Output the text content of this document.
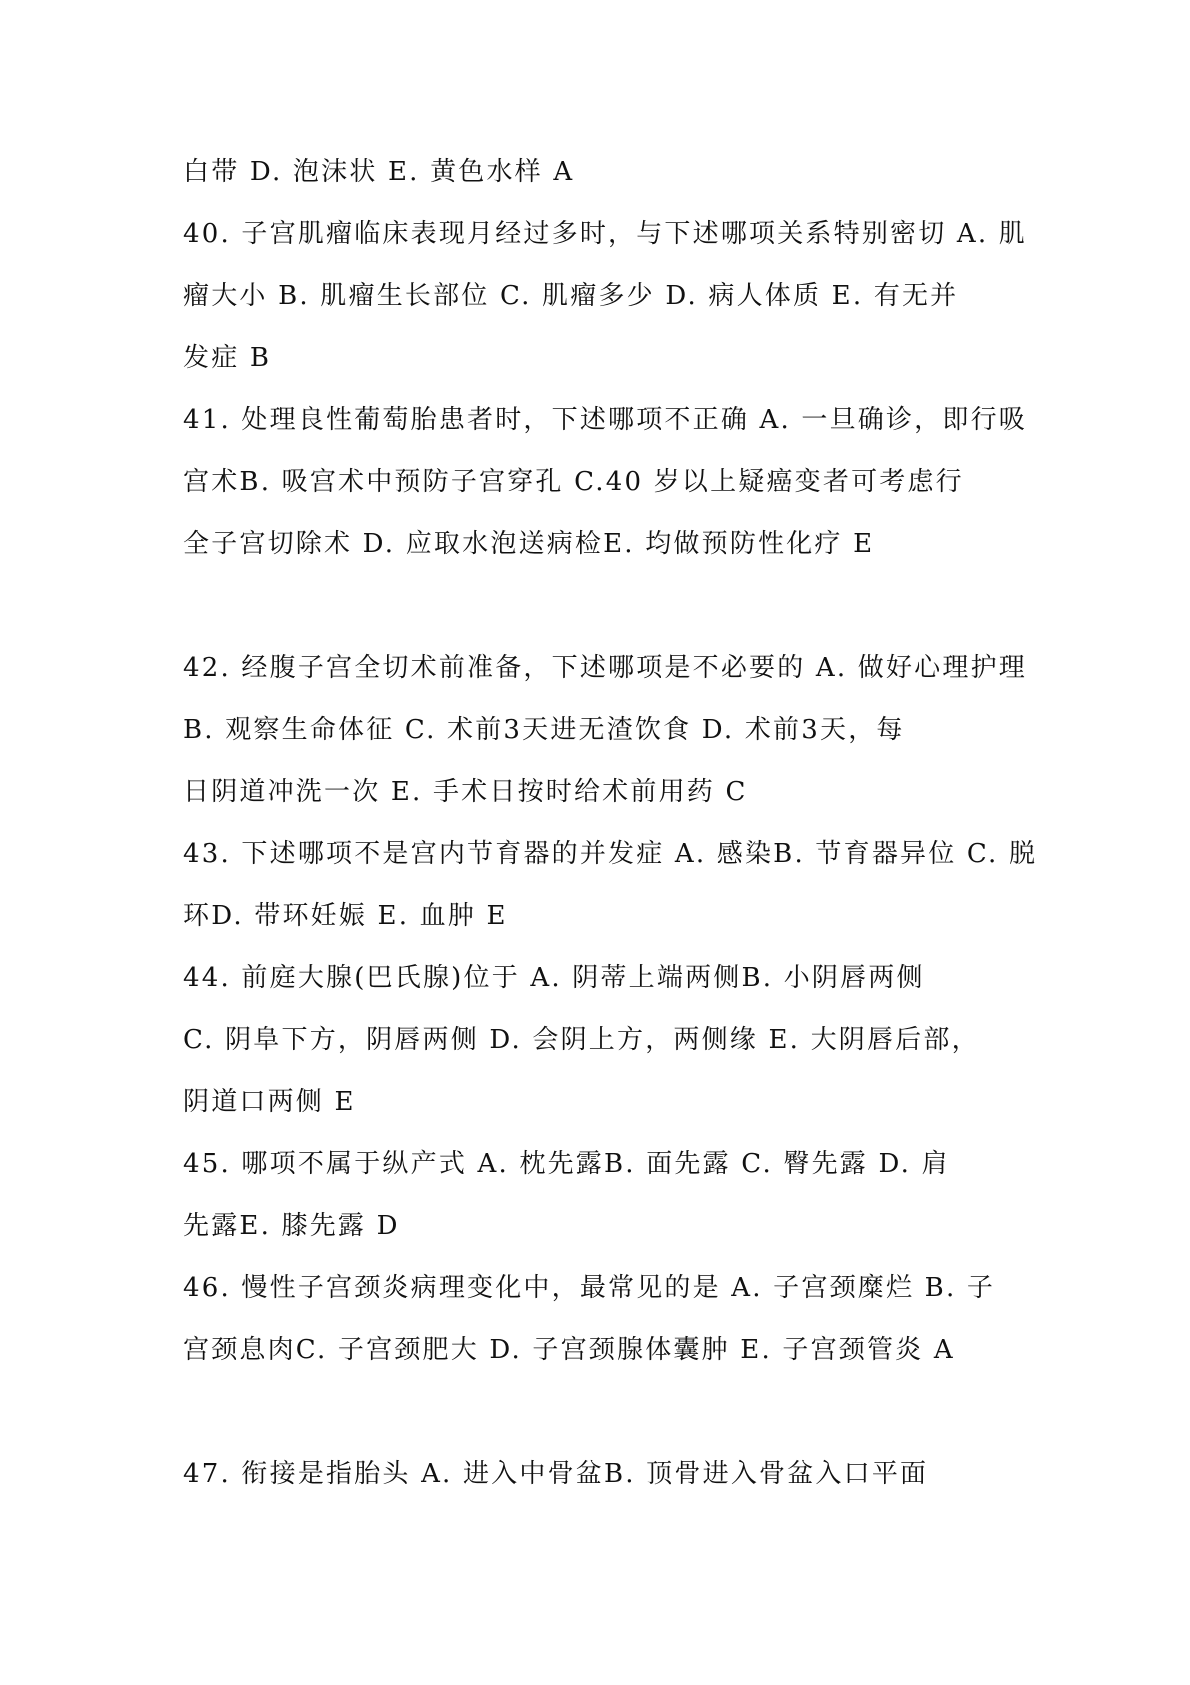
白带 D. 泡沫状 E. 黄色水样 A

40. 子宫肌瘤临床表现月经过多时，与下述哪项关系特别密切 A. 肌

瘤大小 B. 肌瘤生长部位 C. 肌瘤多少 D. 病人体质 E. 有无并

发症 B

41. 处理良性葡萄胎患者时，下述哪项不正确 A. 一旦确诊，即行吸

宫术B. 吸宫术中预防子宫穿孔 C.40 岁以上疑癌变者可考虑行

全子宫切除术 D. 应取水泡送病检E. 均做预防性化疗 E

42. 经腹子宫全切术前准备，下述哪项是不必要的 A. 做好心理护理

B. 观察生命体征 C. 术前3天进无渣饮食 D. 术前3天，每

日阴道冲洗一次 E. 手术日按时给术前用药 C

43. 下述哪项不是宫内节育器的并发症 A. 感染B. 节育器异位 C. 脱

环D. 带环妊娠 E. 血肿 E

44. 前庭大腺(巴氏腺)位于 A. 阴蒂上端两侧B. 小阴唇两侧

C. 阴阜下方，阴唇两侧 D. 会阴上方，两侧缘 E. 大阴唇后部，

阴道口两侧 E

45. 哪项不属于纵产式 A. 枕先露B. 面先露 C. 臀先露 D. 肩

先露E. 膝先露 D

46. 慢性子宫颈炎病理变化中，最常见的是 A. 子宫颈糜烂 B. 子

宫颈息肉C. 子宫颈肥大 D. 子宫颈腺体囊肿 E. 子宫颈管炎 A

47. 衔接是指胎头 A. 进入中骨盆B. 顶骨进入骨盆入口平面
